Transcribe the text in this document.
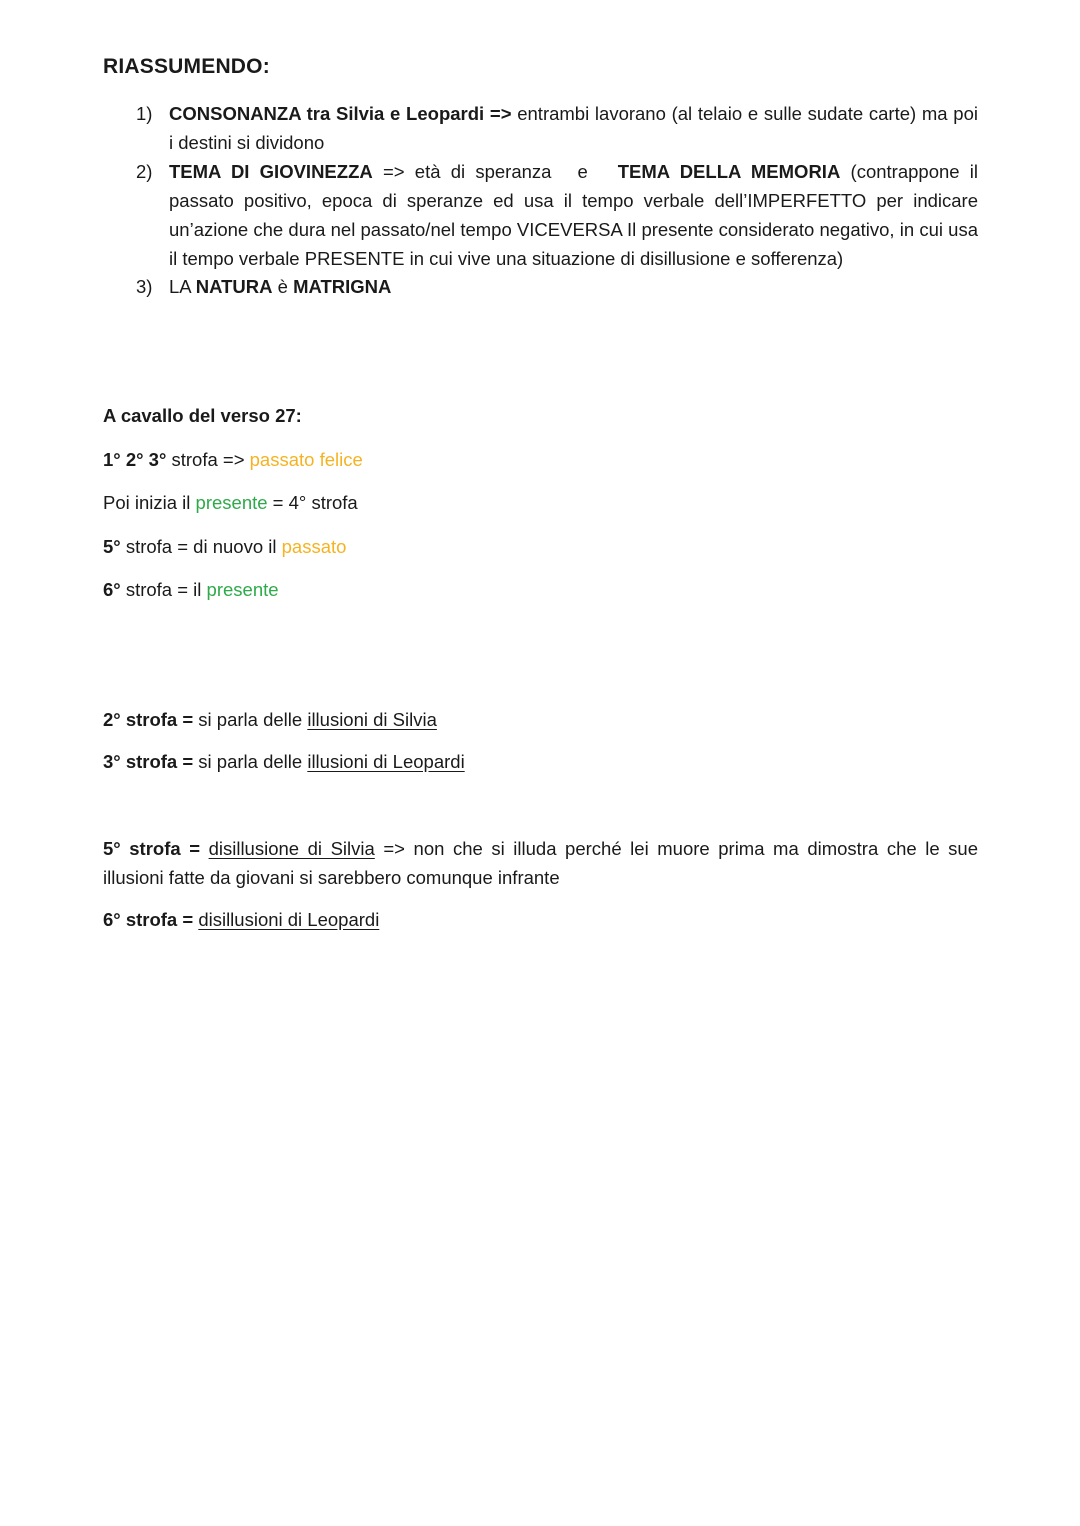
RIASSUMENDO:
1) CONSONANZA tra Silvia e Leopardi => entrambi lavorano (al telaio e sulle sudate carte) ma poi i destini si dividono
2) TEMA DI GIOVINEZZA => età di speranza e TEMA DELLA MEMORIA (contrappone il passato positivo, epoca di speranze ed usa il tempo verbale dell’IMPERFETTO per indicare un’azione che dura nel passato/nel tempo VICEVERSA Il presente considerato negativo, in cui usa il tempo verbale PRESENTE in cui vive una situazione di disillusione e sofferenza)
3) LA NATURA è MATRIGNA
A cavallo del verso 27:
1° 2° 3° strofa => passato felice
Poi inizia il presente = 4° strofa
5° strofa = di nuovo il passato
6° strofa = il presente
2° strofa = si parla delle illusioni di Silvia
3° strofa = si parla delle illusioni di Leopardi
5° strofa = disillusione di Silvia => non che si illuda perché lei muore prima ma dimostra che le sue illusioni fatte da giovani si sarebbero comunque infrante
6° strofa = disillusioni di Leopardi
